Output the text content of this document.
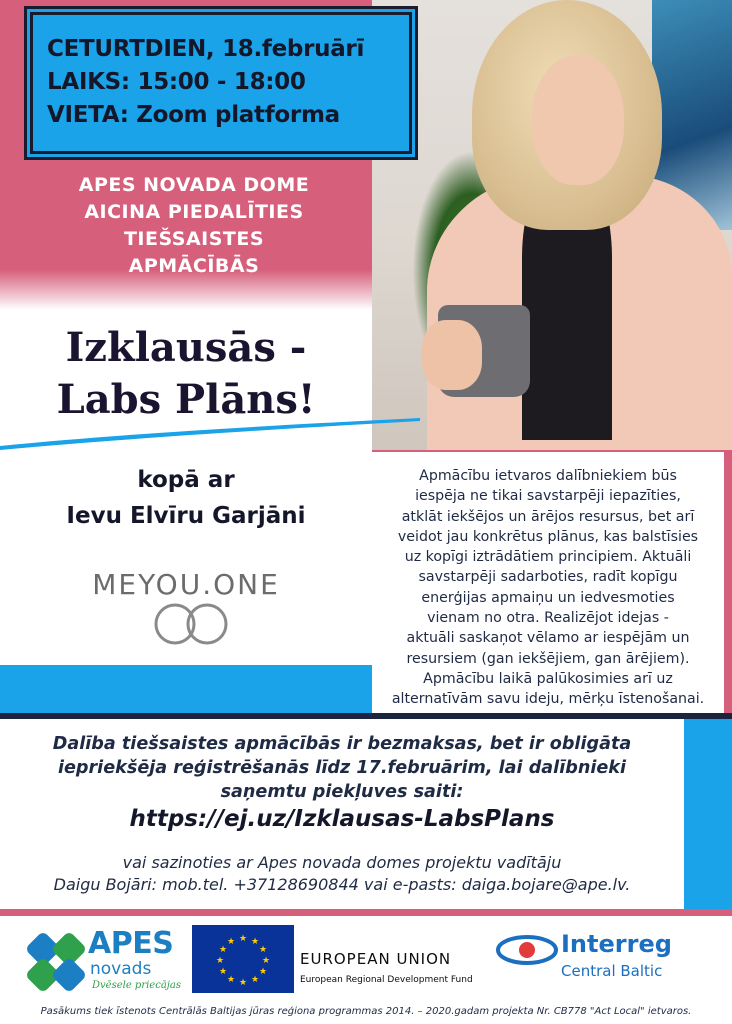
CETURTDIEN, 18.februārī
LAIKS: 15:00 - 18:00
VIETA: Zoom platforma
APES NOVADA DOME
AICINA PIEDALĪTIES
TIEŠSAISTES
APMĀCĪBĀS
Izklausās -
Labs Plāns!
kopā ar
Ievu Elvīru Garjāni
MEYOU.ONE
Apmācību ietvaros dalībniekiem būs
iespēja ne tikai savstarpēji iepazīties,
atklāt iekšējos un ārējos resursus, bet arī
veidot jau konkrētus plānus, kas balstīsies
uz kopīgi iztrādātiem principiem. Aktuāli
savstarpēji sadarboties, radīt kopīgu
enerģijas apmaiņu un iedvesmoties
vienam no otra. Realizējot idejas -
aktuāli saskaņot vēlamo ar iespējām un
resursiem (gan iekšējiem, gan ārējiem).
Apmācību laikā palūkosimies arī uz
alternatīvām savu ideju, mērķu īstenošanai.
Dalība tiešsaistes apmācībās ir bezmaksas, bet ir obligāta
iepriekšēja reģistrēšanās līdz 17.februārim, lai dalībnieki
saņemtu piekļuves saiti:
https://ej.uz/Izklausas-LabsPlans
vai sazinoties ar Apes novada domes projektu vadītāju
Daigu Bojāri: mob.tel. +37128690844 vai e-pasts: daiga.bojare@ape.lv.
APES
novads
Dvēsele priecājas
★ ★
★
★
★
★
★
★
★
★
★
★
EUROPEAN UNION
European Regional Development Fund
Interreg
Central Baltic
Pasākums tiek īstenots Centrālās Baltijas jūras reģiona programmas 2014. – 2020.gadam projekta Nr. CB778 "Act Local" ietvaros.
